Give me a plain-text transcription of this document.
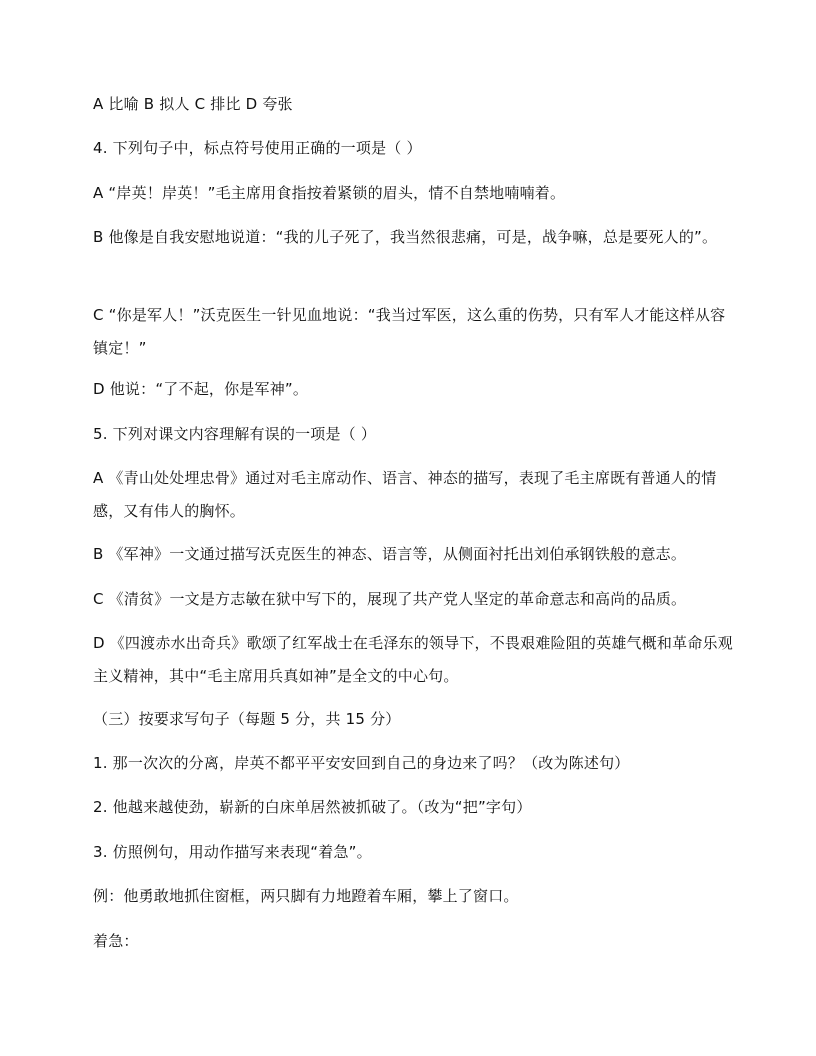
A 比喻 B 拟人 C 排比 D 夸张
4. 下列句子中，标点符号使用正确的一项是（ ）
A “岸英！岸英！”毛主席用食指按着紧锁的眉头，情不自禁地喃喃着。
B 他像是自我安慰地说道：“我的儿子死了，我当然很悲痛，可是，战争嘛，总是要死人的”。
C “你是军人！”沃克医生一针见血地说：“我当过军医，这么重的伤势，只有军人才能这样从容镇定！”
D 他说：“了不起，你是军神”。
5. 下列对课文内容理解有误的一项是（ ）
A 《青山处处埋忠骨》通过对毛主席动作、语言、神态的描写，表现了毛主席既有普通人的情感，又有伟人的胸怀。
B 《军神》一文通过描写沃克医生的神态、语言等，从侧面衬托出刘伯承钢铁般的意志。
C 《清贫》一文是方志敏在狱中写下的，展现了共产党人坚定的革命意志和高尚的品质。
D 《四渡赤水出奇兵》歌颂了红军战士在毛泽东的领导下，不畏艰难险阻的英雄气概和革命乐观主义精神，其中“毛主席用兵真如神”是全文的中心句。
（三）按要求写句子（每题 5 分，共 15 分）
1. 那一次次的分离，岸英不都平平安安回到自己的身边来了吗？（改为陈述句）
2. 他越来越使劲，崭新的白床单居然被抓破了。（改为“把”字句）
3. 仿照例句，用动作描写来表现“着急”。
例：他勇敢地抓住窗框，两只脚有力地蹬着车厢，攀上了窗口。
着急：
